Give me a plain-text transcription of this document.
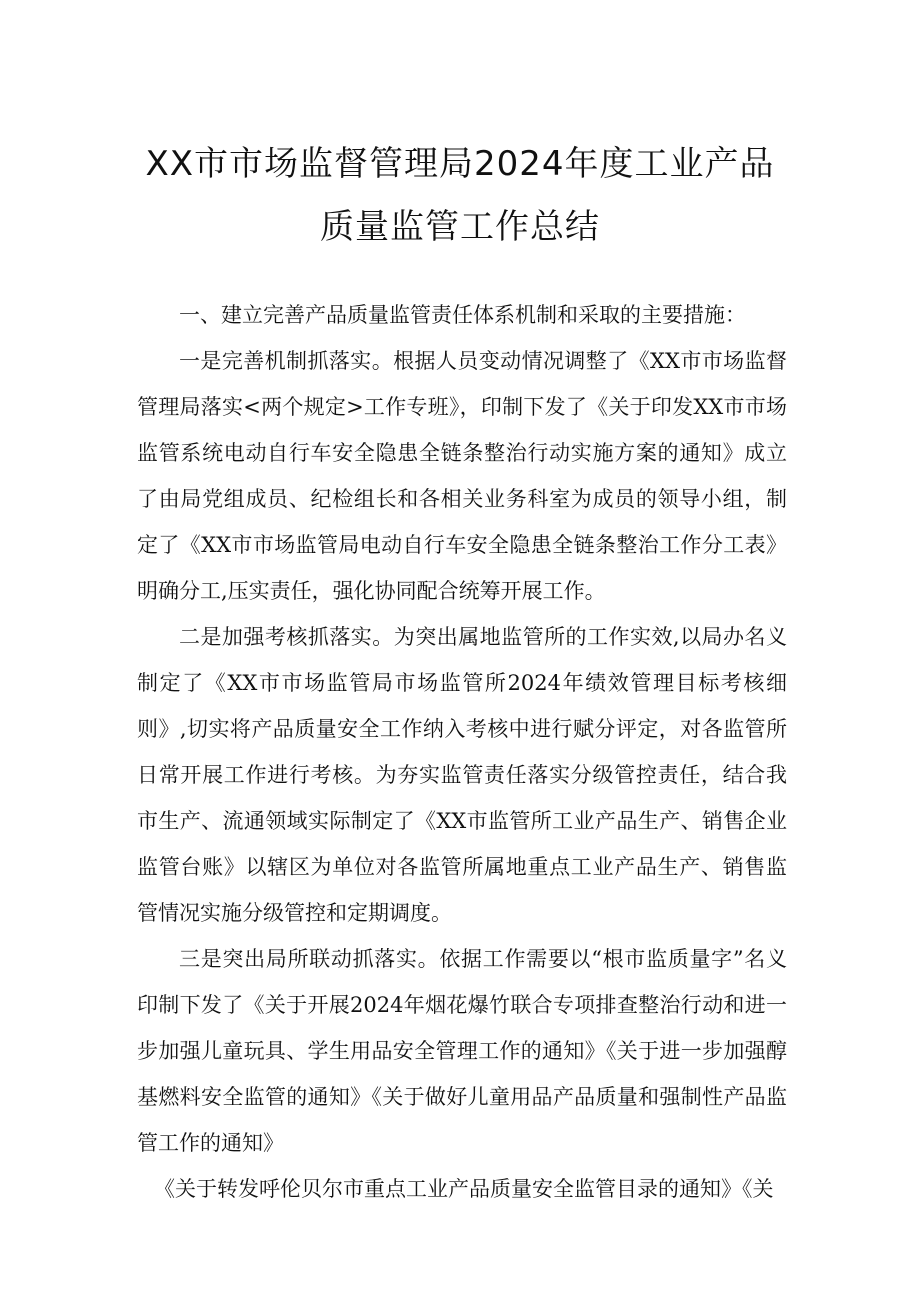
XX市市场监督管理局2024年度工业产品
质量监管工作总结

一、建立完善产品质量监管责任体系机制和采取的主要措施：

一是完善机制抓落实。根据人员变动情况调整了《XX市市场监督管理局落实<两个规定>工作专班》，印制下发了《关于印发XX市市场监管系统电动自行车安全隐患全链条整治行动实施方案的通知》成立了由局党组成员、纪检组长和各相关业务科室为成员的领导小组，制定了《XX市市场监管局电动自行车安全隐患全链条整治工作分工表》明确分工,压实责任，强化协同配合统筹开展工作。

二是加强考核抓落实。为突出属地监管所的工作实效,以局办名义制定了《XX市市场监管局市场监管所2024年绩效管理目标考核细则》,切实将产品质量安全工作纳入考核中进行赋分评定，对各监管所日常开展工作进行考核。为夯实监管责任落实分级管控责任，结合我市生产、流通领域实际制定了《XX市监管所工业产品生产、销售企业监管台账》以辖区为单位对各监管所属地重点工业产品生产、销售监管情况实施分级管控和定期调度。

三是突出局所联动抓落实。依据工作需要以“根市监质量字”名义印制下发了《关于开展2024年烟花爆竹联合专项排查整治行动和进一步加强儿童玩具、学生用品安全管理工作的通知》《关于进一步加强醇基燃料安全监管的通知》《关于做好儿童用品产品质量和强制性产品监管工作的通知》

《关于转发呼伦贝尔市重点工业产品质量安全监管目录的通知》《关
